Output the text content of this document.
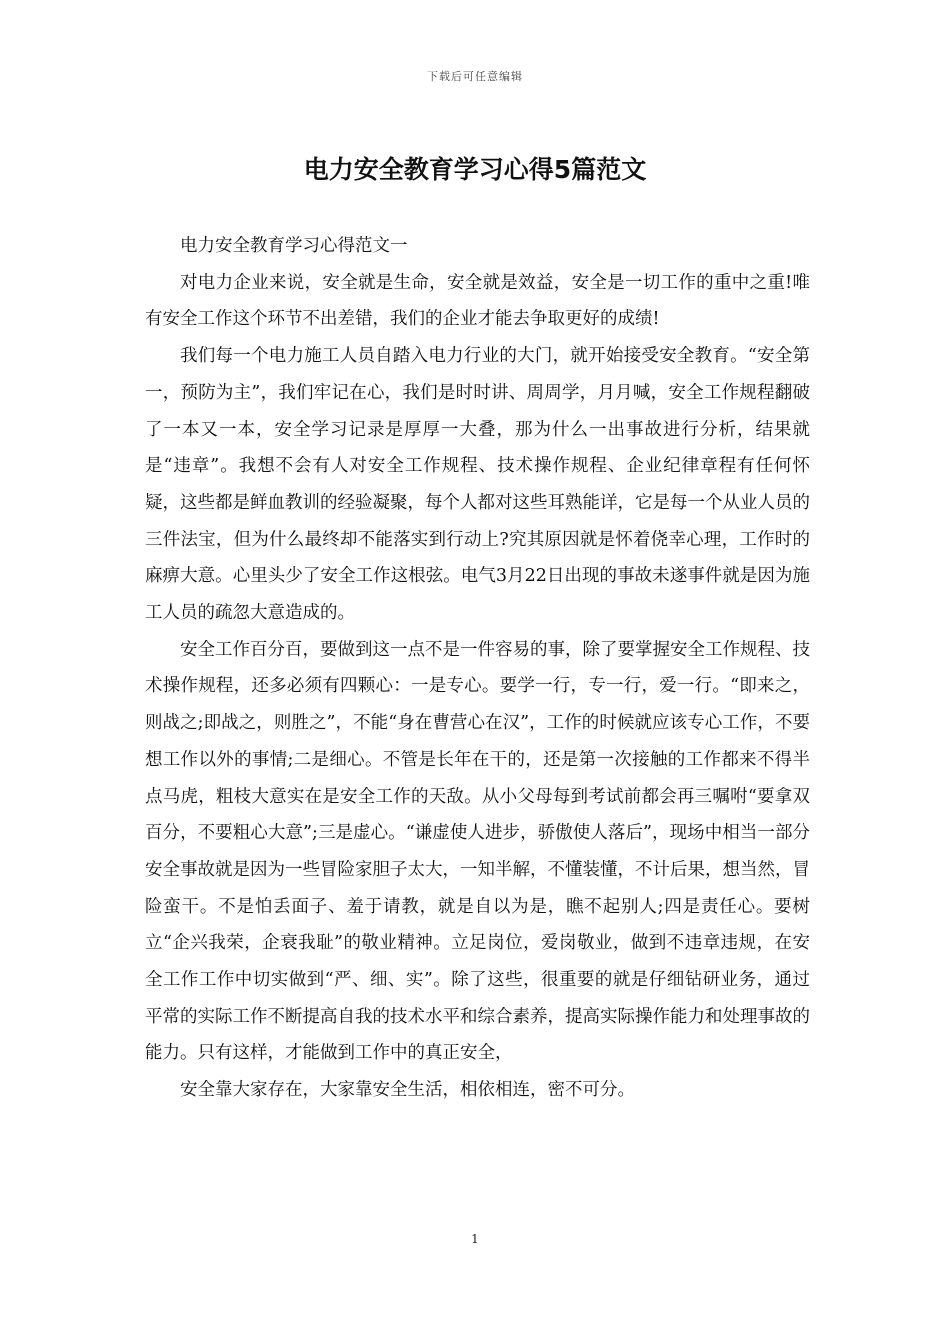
下载后可任意编辑
电力安全教育学习心得5篇范文

电力安全教育学习心得范文一

对电力企业来说，安全就是生命，安全就是效益，安全是一切工作的重中之重!唯有安全工作这个环节不出差错，我们的企业才能去争取更好的成绩!

我们每一个电力施工人员自踏入电力行业的大门，就开始接受安全教育。“安全第一，预防为主”，我们牢记在心，我们是时时讲、周周学，月月喊，安全工作规程翻破了一本又一本，安全学习记录是厚厚一大叠，那为什么一出事故进行分析，结果就是“违章”。我想不会有人对安全工作规程、技术操作规程、企业纪律章程有任何怀疑，这些都是鲜血教训的经验凝聚，每个人都对这些耳熟能详，它是每一个从业人员的三件法宝，但为什么最终却不能落实到行动上?究其原因就是怀着侥幸心理，工作时的麻痹大意。心里头少了安全工作这根弦。电气3月22日出现的事故未遂事件就是因为施工人员的疏忽大意造成的。

安全工作百分百，要做到这一点不是一件容易的事，除了要掌握安全工作规程、技术操作规程，还多必须有四颗心：一是专心。要学一行，专一行，爱一行。“即来之，则战之;即战之，则胜之”，不能“身在曹营心在汉”，工作的时候就应该专心工作，不要想工作以外的事情;二是细心。不管是长年在干的，还是第一次接触的工作都来不得半点马虎，粗枝大意实在是安全工作的天敌。从小父母每到考试前都会再三嘱咐“要拿双百分，不要粗心大意”;三是虚心。“谦虚使人进步，骄傲使人落后”，现场中相当一部分安全事故就是因为一些冒险家胆子太大，一知半解，不懂装懂，不计后果，想当然，冒险蛮干。不是怕丢面子、羞于请教，就是自以为是，瞧不起别人;四是责任心。要树立“企兴我荣，企衰我耻”的敬业精神。立足岗位，爱岗敬业，做到不违章违规，在安全工作工作中切实做到“严、细、实”。除了这些，很重要的就是仔细钻研业务，通过平常的实际工作不断提高自我的技术水平和综合素养，提高实际操作能力和处理事故的能力。只有这样，才能做到工作中的真正安全，

安全靠大家存在，大家靠安全生活，相依相连，密不可分。

1
